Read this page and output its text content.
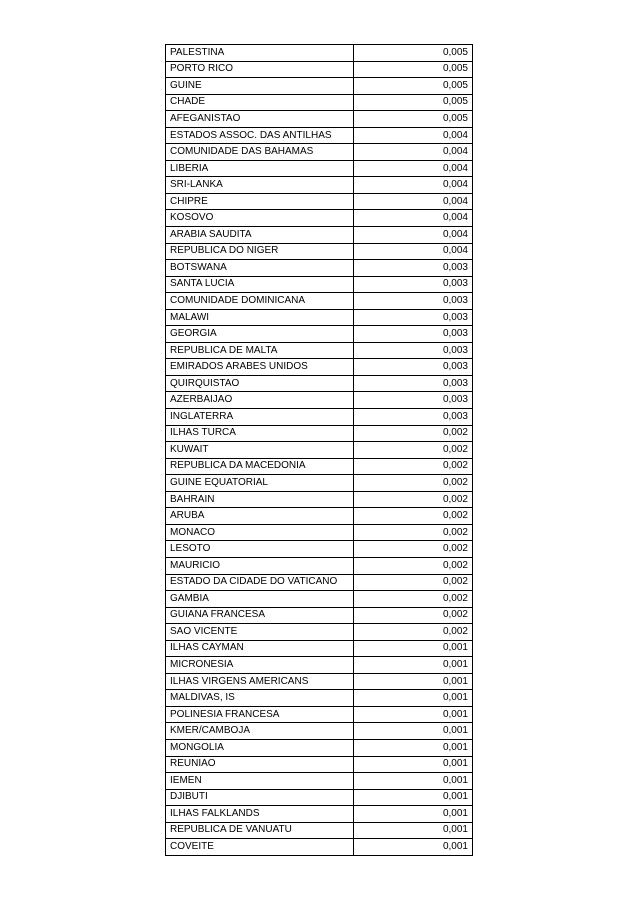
PALESTINA	0,005
PORTO RICO	0,005
GUINE	0,005
CHADE	0,005
AFEGANISTAO	0,005
ESTADOS ASSOC. DAS ANTILHAS	0,004
COMUNIDADE DAS BAHAMAS	0,004
LIBERIA	0,004
SRI-LANKA	0,004
CHIPRE	0,004
KOSOVO	0,004
ARABIA SAUDITA	0,004
REPUBLICA DO NIGER	0,004
BOTSWANA	0,003
SANTA LUCIA	0,003
COMUNIDADE DOMINICANA	0,003
MALAWI	0,003
GEORGIA	0,003
REPUBLICA DE MALTA	0,003
EMIRADOS ARABES UNIDOS	0,003
QUIRQUISTAO	0,003
AZERBAIJAO	0,003
INGLATERRA	0,003
ILHAS TURCA	0,002
KUWAIT	0,002
REPUBLICA DA MACEDONIA	0,002
GUINE EQUATORIAL	0,002
BAHRAIN	0,002
ARUBA	0,002
MONACO	0,002
LESOTO	0,002
MAURICIO	0,002
ESTADO DA CIDADE DO VATICANO	0,002
GAMBIA	0,002
GUIANA FRANCESA	0,002
SAO VICENTE	0,002
ILHAS CAYMAN	0,001
MICRONESIA	0,001
ILHAS VIRGENS AMERICANS	0,001
MALDIVAS, IS	0,001
POLINESIA FRANCESA	0,001
KMER/CAMBOJA	0,001
MONGOLIA	0,001
REUNIAO	0,001
IEMEN	0,001
DJIBUTI	0,001
ILHAS FALKLANDS	0,001
REPUBLICA DE VANUATU	0,001
COVEITE	0,001
